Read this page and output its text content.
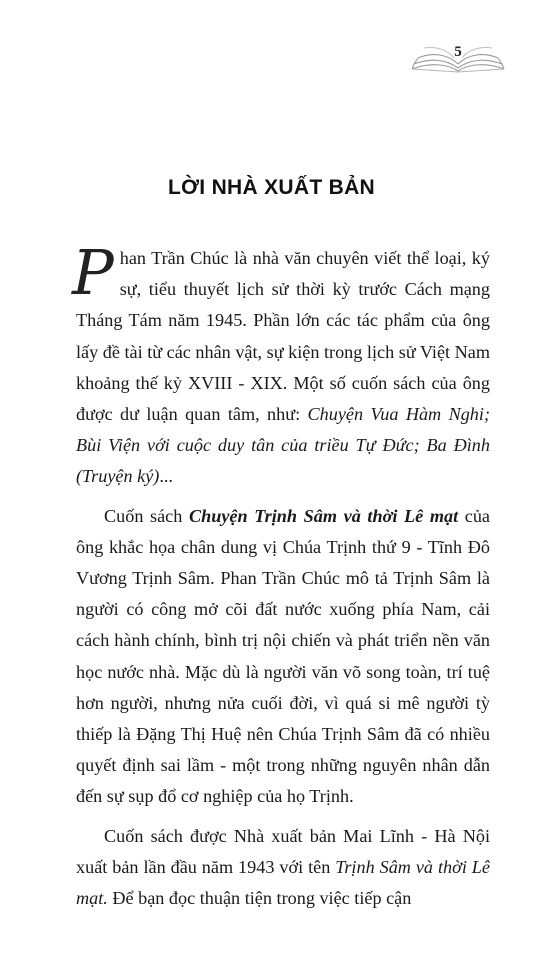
5
LỜI NHÀ XUẤT BẢN

Phan Trần Chúc là nhà văn chuyên viết thể loại, ký sự, tiểu thuyết lịch sử thời kỳ trước Cách mạng Tháng Tám năm 1945. Phần lớn các tác phẩm của ông lấy đề tài từ các nhân vật, sự kiện trong lịch sử Việt Nam khoảng thế kỷ XVIII - XIX. Một số cuốn sách của ông được dư luận quan tâm, như: Chuyện Vua Hàm Nghi; Bùi Viện với cuộc duy tân của triều Tự Đức; Ba Đình (Truyện ký)...

Cuốn sách Chuyện Trịnh Sâm và thời Lê mạt của ông khắc họa chân dung vị Chúa Trịnh thứ 9 - Tĩnh Đô Vương Trịnh Sâm. Phan Trần Chúc mô tả Trịnh Sâm là người có công mở cõi đất nước xuống phía Nam, cải cách hành chính, bình trị nội chiến và phát triển nền văn học nước nhà. Mặc dù là người văn võ song toàn, trí tuệ hơn người, nhưng nửa cuối đời, vì quá si mê người tỳ thiếp là Đặng Thị Huệ nên Chúa Trịnh Sâm đã có nhiều quyết định sai lầm - một trong những nguyên nhân dẫn đến sự sụp đổ cơ nghiệp của họ Trịnh.

Cuốn sách được Nhà xuất bản Mai Lĩnh - Hà Nội xuất bản lần đầu năm 1943 với tên Trịnh Sâm và thời Lê mạt. Để bạn đọc thuận tiện trong việc tiếp cận
